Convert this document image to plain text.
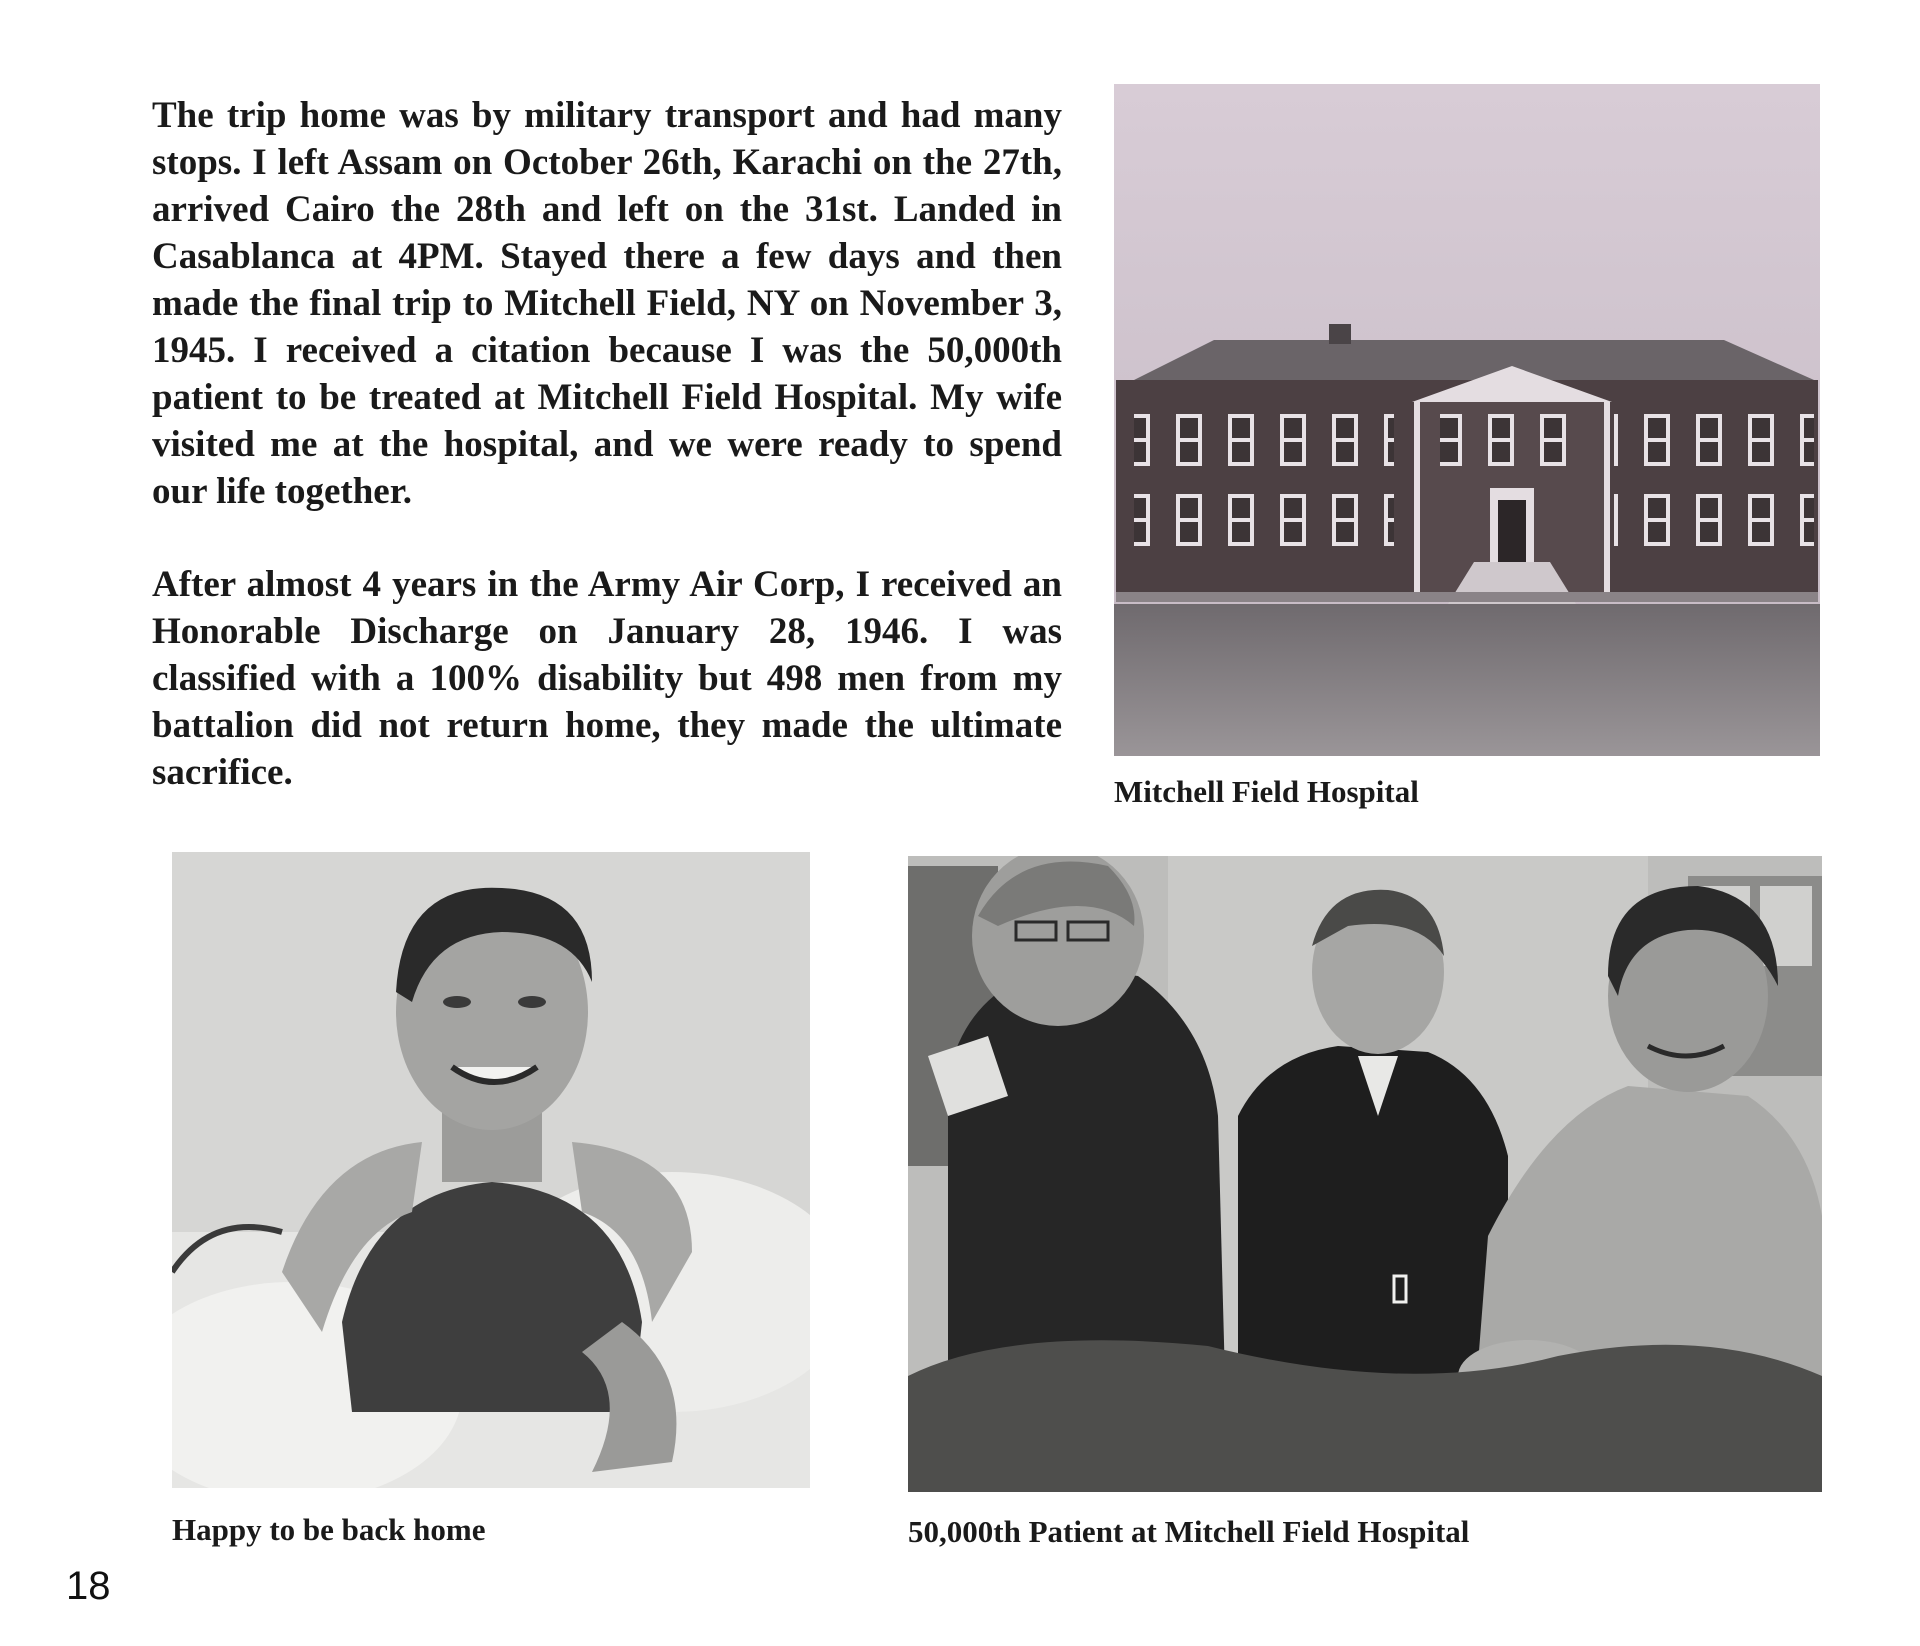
The trip home was by military transport and had many stops. I left Assam on October 26th, Karachi on the 27th, arrived Cairo the 28th and left on the 31st. Landed in Casablanca at 4PM. Stayed there a few days and then made the final trip to Mitchell Field, NY on November 3, 1945. I received a citation because I was the 50,000th patient to be treated at Mitchell Field Hospital. My wife visited me at the hospital, and we were ready to spend our life together.

After almost 4 years in the Army Air Corp, I received an Honorable Discharge on January 28, 1946. I was classified with a 100% disability but 498 men from my battalion did not return home, they made the ultimate sacrifice.	Mitchell Field Hospital
Happy to be back home	50,000th Patient at Mitchell Field Hospital
18
